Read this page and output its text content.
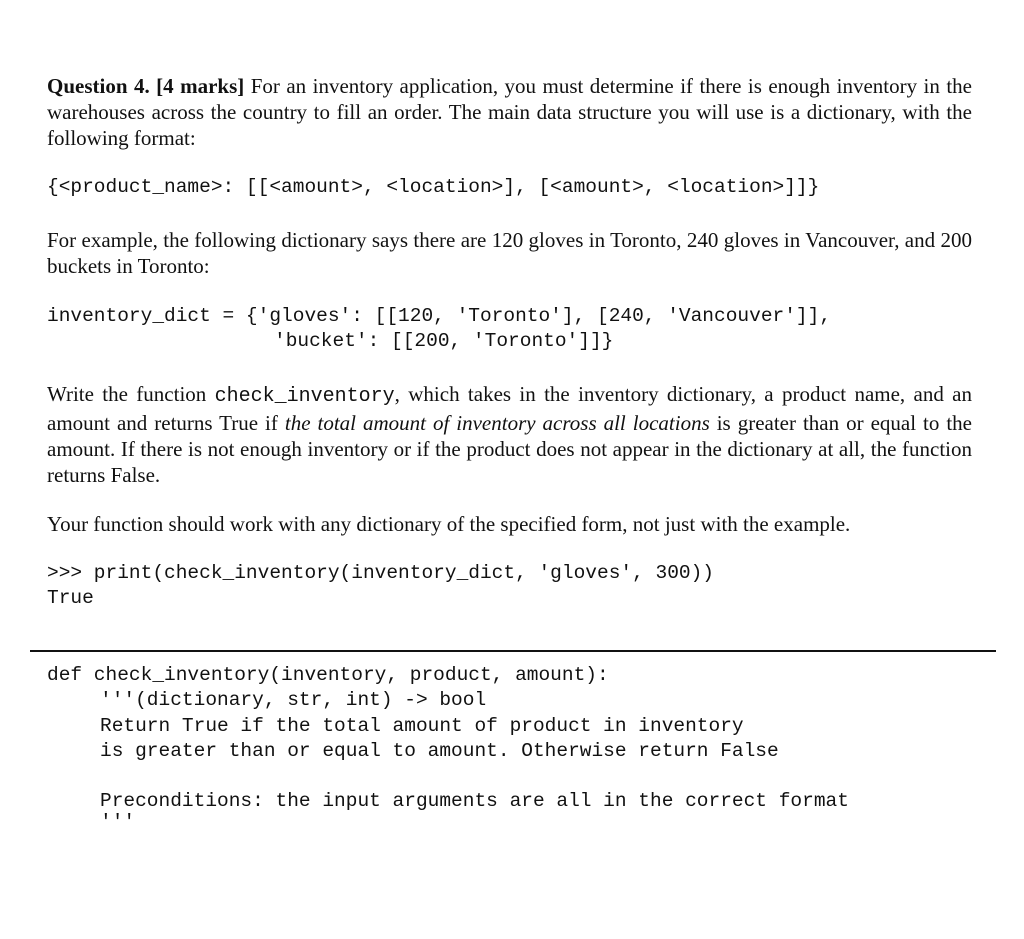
Question 4. [4 marks] For an inventory application, you must determine if there is enough inventory in the warehouses across the country to fill an order. The main data structure you will use is a dictionary, with the following format:
{<product_name>: [[<amount>, <location>], [<amount>, <location>]]}
For example, the following dictionary says there are 120 gloves in Toronto, 240 gloves in Vancouver, and 200 buckets in Toronto:
inventory_dict = {'gloves': [[120, 'Toronto'], [240, 'Vancouver']],
'bucket': [[200, 'Toronto']]}
Write the function check_inventory, which takes in the inventory dictionary, a product name, and an amount and returns True if the total amount of inventory across all locations is greater than or equal to the amount. If there is not enough inventory or if the product does not appear in the dictionary at all, the function returns False.
Your function should work with any dictionary of the specified form, not just with the example.
>>> print(check_inventory(inventory_dict, 'gloves', 300))
True
def check_inventory(inventory, product, amount):
'''(dictionary, str, int) -> bool
Return True if the total amount of product in inventory
is greater than or equal to amount. Otherwise return False
Preconditions: the input arguments are all in the correct format
'''
